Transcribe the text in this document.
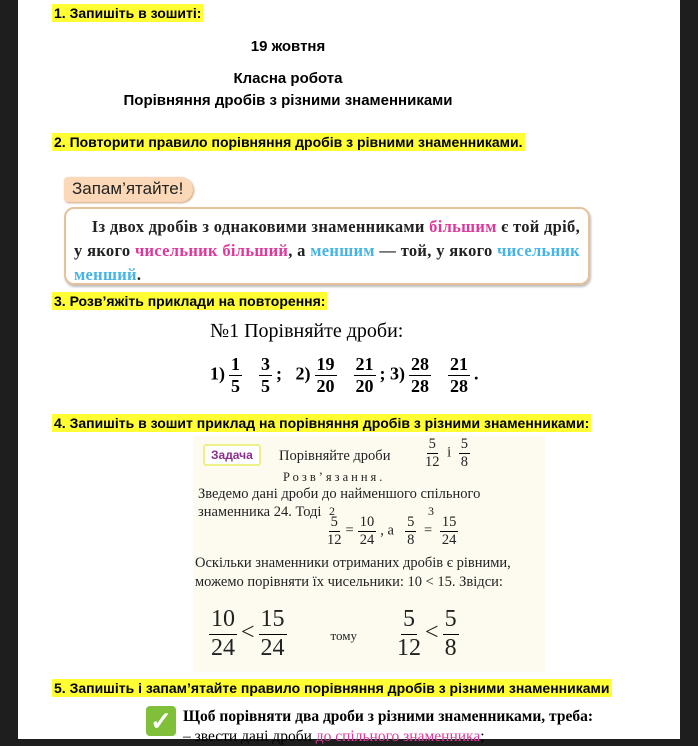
1. Запишіть в зошиті:
19 жовтня
Класна робота
Порівняння дробів з різними знаменниками
2. Повторити правило порівняння дробів з рівними знаменниками.
Запам’ятайте!

Із двох дробів з однаковими знаменниками більшим є той дріб, у якого чисельник більший, а меншим — той, у якого чисельник менший.

3. Розв’яжіть приклади на повторення:
№1 Порівняйте дроби:
$1) \frac{1}{5}$
$\frac{3}{5}$ ; $2) \frac{19}{20}$
$\frac{21}{20}$ ; $3) \frac{28}{28}$
$\frac{21}{28}$ .
4. Запишіть в зошит приклад на порівняння дробів з різними знаменниками:
Задача	Порівняйте дроби $\frac{5}{12}$ і $\frac{5}{8}$
Розв’язання.
Зведемо дані дроби до найменшого спільного
знаменника 24. Тоді 2	3
$\frac{5}{12} = \frac{10}{24}$ , а $\frac{5}{8} = \frac{15}{24}$
Оскільки знаменники отриманих дробів є рівними,
можемо порівняти їх чисельники: 10 < 15. Звідси:
$\frac{10}{24} < \frac{15}{24}$	тому $\frac{5}{12} < \frac{5}{8}$
5. Запишіть і запам’ятайте правило порівняння дробів з різними знаменниками
✓ Щоб порівняти два дроби з різними знаменниками, треба:
– звести дані дроби до спільного знаменника;
